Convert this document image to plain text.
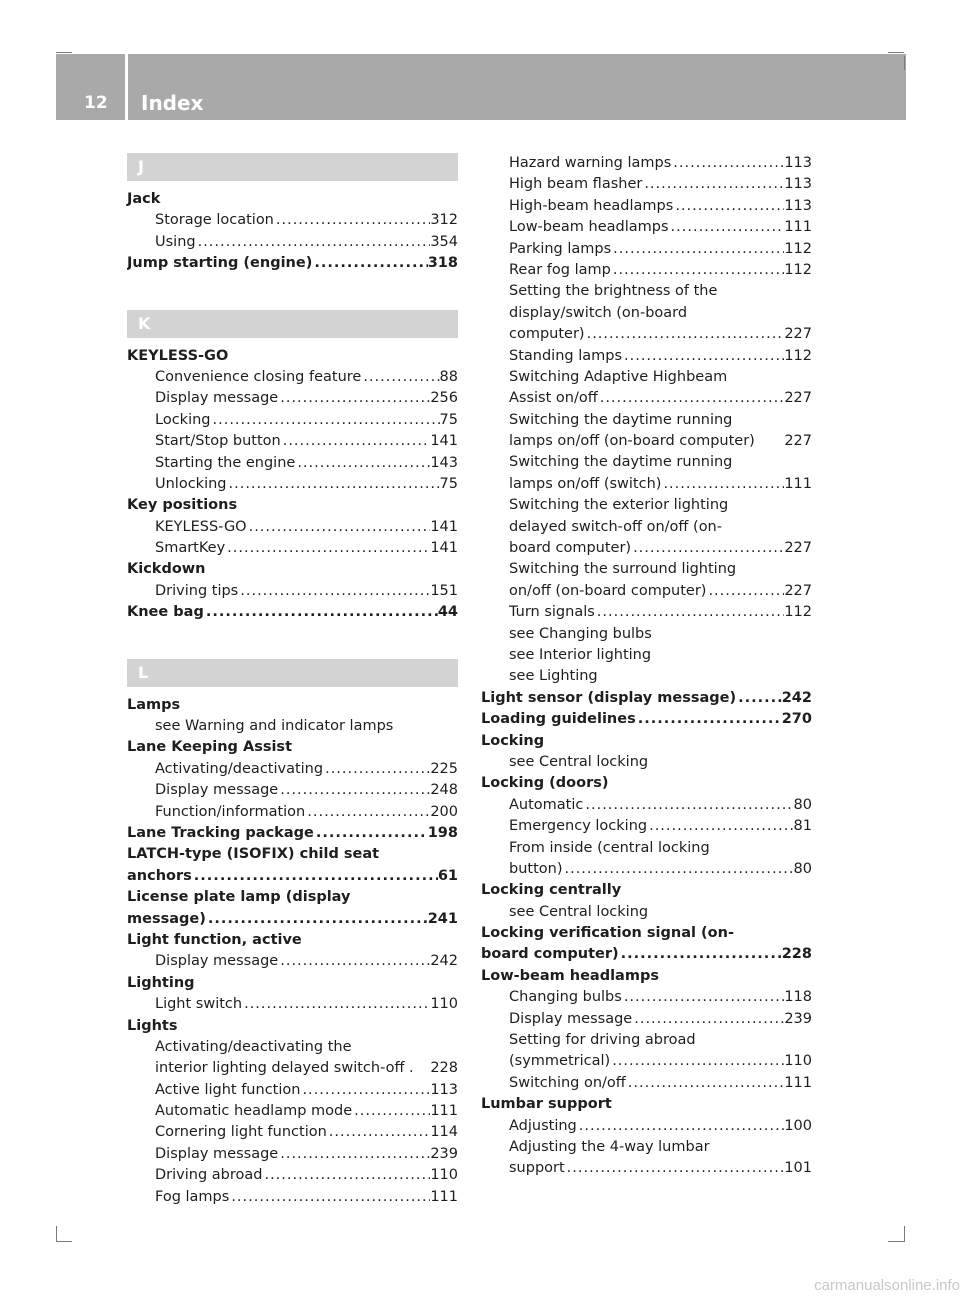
12	Index
J
Jack
Storage location .....	312
Using .....	354
Jump starting (engine) .....	318
K
KEYLESS-GO
Convenience closing feature .....	88
Display message .....	256
Locking .....	75
Start/Stop button .....	141
Starting the engine .....	143
Unlocking .....	75
Key positions
KEYLESS-GO .....	141
SmartKey .....	141
Kickdown
Driving tips .....	151
Knee bag .....	44
L
Lamps
see Warning and indicator lamps
Lane Keeping Assist
Activating/deactivating .....	225
Display message .....	248
Function/information .....	200
Lane Tracking package .....	198
LATCH-type (ISOFIX) child seat
anchors .....	61
License plate lamp (display
message) .....	241
Light function, active
Display message .....	242
Lighting
Light switch .....	110
Lights
Activating/deactivating the
interior lighting delayed switch-off . 228
Active light function .....	113
Automatic headlamp mode .....	111
Cornering light function .....	114
Display message .....	239
Driving abroad .....	110
Fog lamps .....	111
Hazard warning lamps .....	113
High beam flasher .....	113
High-beam headlamps .....	113
Low-beam headlamps .....	111
Parking lamps .....	112
Rear fog lamp .....	112
Setting the brightness of the
display/switch (on-board
computer) .....	227
Standing lamps .....	112
Switching Adaptive Highbeam
Assist on/off .....	227
Switching the daytime running
lamps on/off (on-board computer) 227
Switching the daytime running
lamps on/off (switch) .....	111
Switching the exterior lighting
delayed switch-off on/off (on-
board computer) .....	227
Switching the surround lighting
on/off (on-board computer) .....	227
Turn signals .....	112
see Changing bulbs
see Interior lighting
see Lighting
Light sensor (display message) .....	242
Loading guidelines .....	270
Locking
see Central locking
Locking (doors)
Automatic .....	80
Emergency locking .....	81
From inside (central locking
button) .....	80
Locking centrally
see Central locking
Locking verification signal (on-
board computer) .....	228
Low-beam headlamps
Changing bulbs .....	118
Display message .....	239
Setting for driving abroad
(symmetrical) .....	110
Switching on/off .....	111
Lumbar support
Adjusting .....	100
Adjusting the 4-way lumbar
support .....	101
carmanualsonline.info
